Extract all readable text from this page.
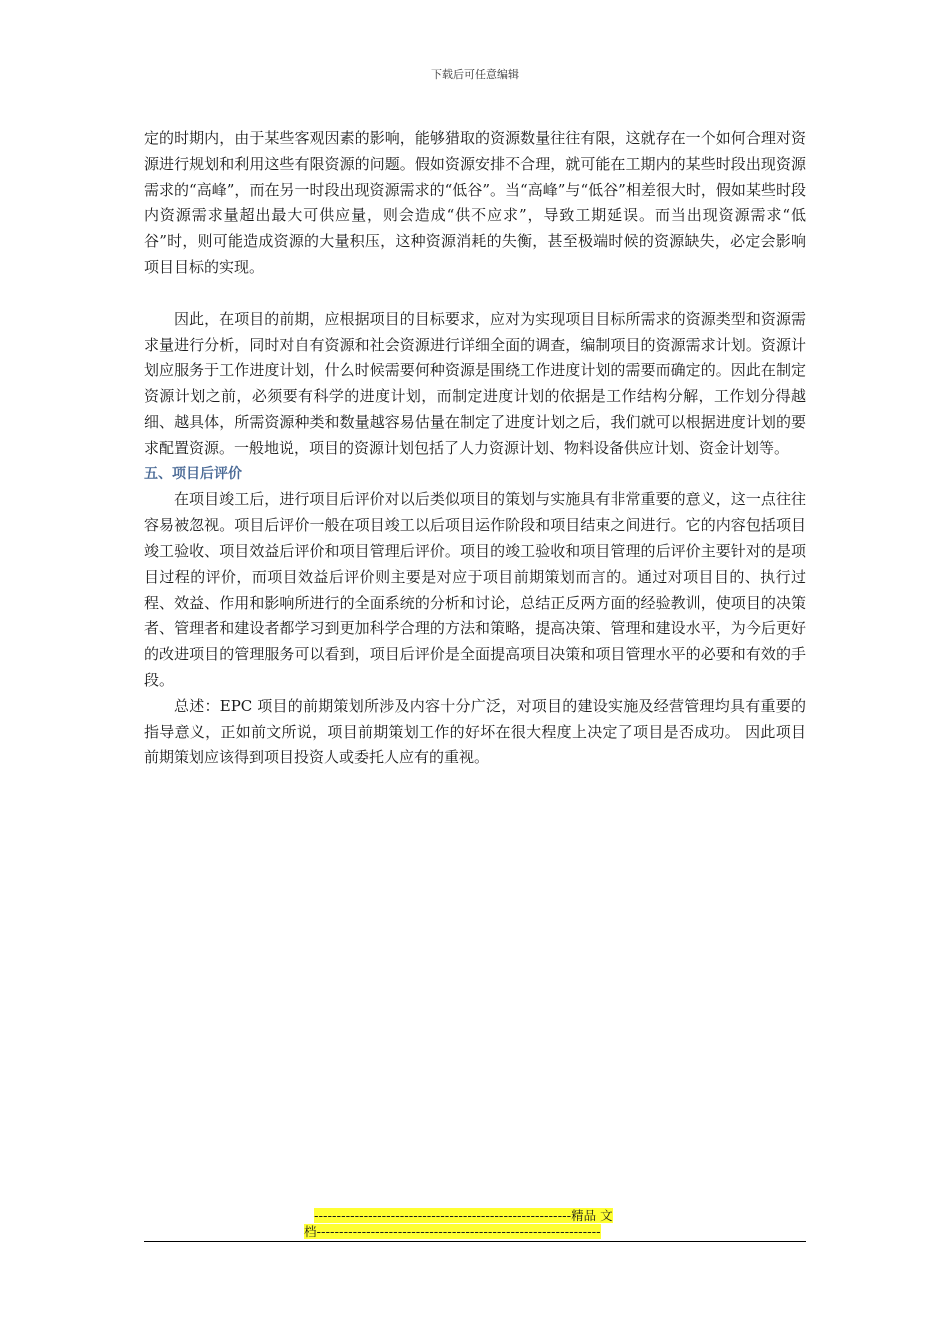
下载后可任意编辑

定的时期内，由于某些客观因素的影响，能够猎取的资源数量往往有限，这就存在一个如何合理对资源进行规划和利用这些有限资源的问题。假如资源安排不合理，就可能在工期内的某些时段出现资源需求的“高峰”，而在另一时段出现资源需求的“低谷”。当“高峰”与“低谷”相差很大时，假如某些时段内资源需求量超出最大可供应量，则会造成“供不应求”，导致工期延误。而当出现资源需求“低谷”时，则可能造成资源的大量积压，这种资源消耗的失衡，甚至极端时候的资源缺失，必定会影响项目目标的实现。

因此，在项目的前期，应根据项目的目标要求，应对为实现项目目标所需求的资源类型和资源需求量进行分析，同时对自有资源和社会资源进行详细全面的调查，编制项目的资源需求计划。资源计划应服务于工作进度计划，什么时候需要何种资源是围绕工作进度计划的需要而确定的。因此在制定资源计划之前，必须要有科学的进度计划，而制定进度计划的依据是工作结构分解，工作划分得越细、越具体，所需资源种类和数量越容易估量在制定了进度计划之后，我们就可以根据进度计划的要求配置资源。一般地说，项目的资源计划包括了人力资源计划、物料设备供应计划、资金计划等。

五、项目后评价

在项目竣工后，进行项目后评价对以后类似项目的策划与实施具有非常重要的意义，这一点往往容易被忽视。项目后评价一般在项目竣工以后项目运作阶段和项目结束之间进行。它的内容包括项目竣工验收、项目效益后评价和项目管理后评价。项目的竣工验收和项目管理的后评价主要针对的是项目过程的评价，而项目效益后评价则主要是对应于项目前期策划而言的。通过对项目目的、执行过程、效益、作用和影响所进行的全面系统的分析和讨论，总结正反两方面的经验教训，使项目的决策者、管理者和建设者都学习到更加科学合理的方法和策略，提高决策、管理和建设水平，为今后更好的改进项目的管理服务可以看到，项目后评价是全面提高项目决策和项目管理水平的必要和有效的手段。

总述：EPC 项目的前期策划所涉及内容十分广泛，对项目的建设实施及经营管理均具有重要的指导意义，正如前文所说，项目前期策划工作的好坏在很大程度上决定了项目是否成功。 因此项目前期策划应该得到项目投资人或委托人应有的重视。

---------------------------------------------------------精品 文
档---------------------------------------------------------------
